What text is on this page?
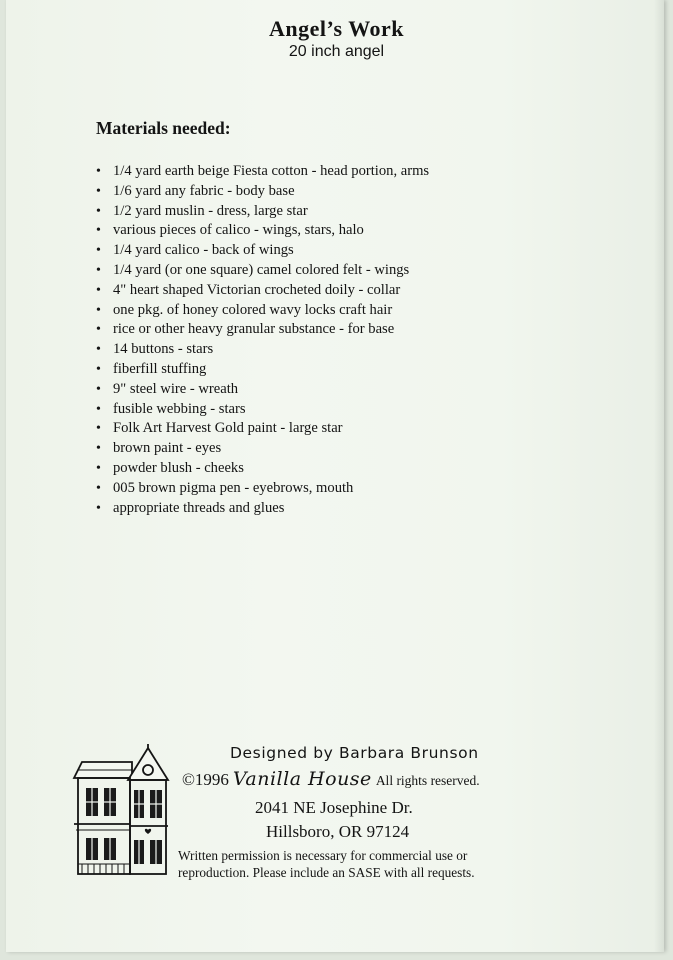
Angel’s Work
20 inch angel
Materials needed:
• 1/4 yard earth beige Fiesta cotton - head portion, arms
• 1/6 yard any fabric - body base
• 1/2 yard muslin - dress, large star
• various pieces of calico - wings, stars, halo
• 1/4 yard calico - back of wings
• 1/4 yard (or one square) camel colored felt - wings
• 4" heart shaped Victorian crocheted doily - collar
• one pkg. of honey colored wavy locks craft hair
• rice or other heavy granular substance - for base
• 14 buttons - stars
• fiberfill stuffing
• 9" steel wire - wreath
• fusible webbing - stars
• Folk Art Harvest Gold paint - large star
• brown paint - eyes
• powder blush - cheeks
• 005 brown pigma pen - eyebrows, mouth
• appropriate threads and glues
Designed by Barbara Brunson
©1996 Vanilla House All rights reserved.
2041 NE Josephine Dr.
Hillsboro, OR 97124
Written permission is necessary for commercial use or
reproduction. Please include an SASE with all requests.
